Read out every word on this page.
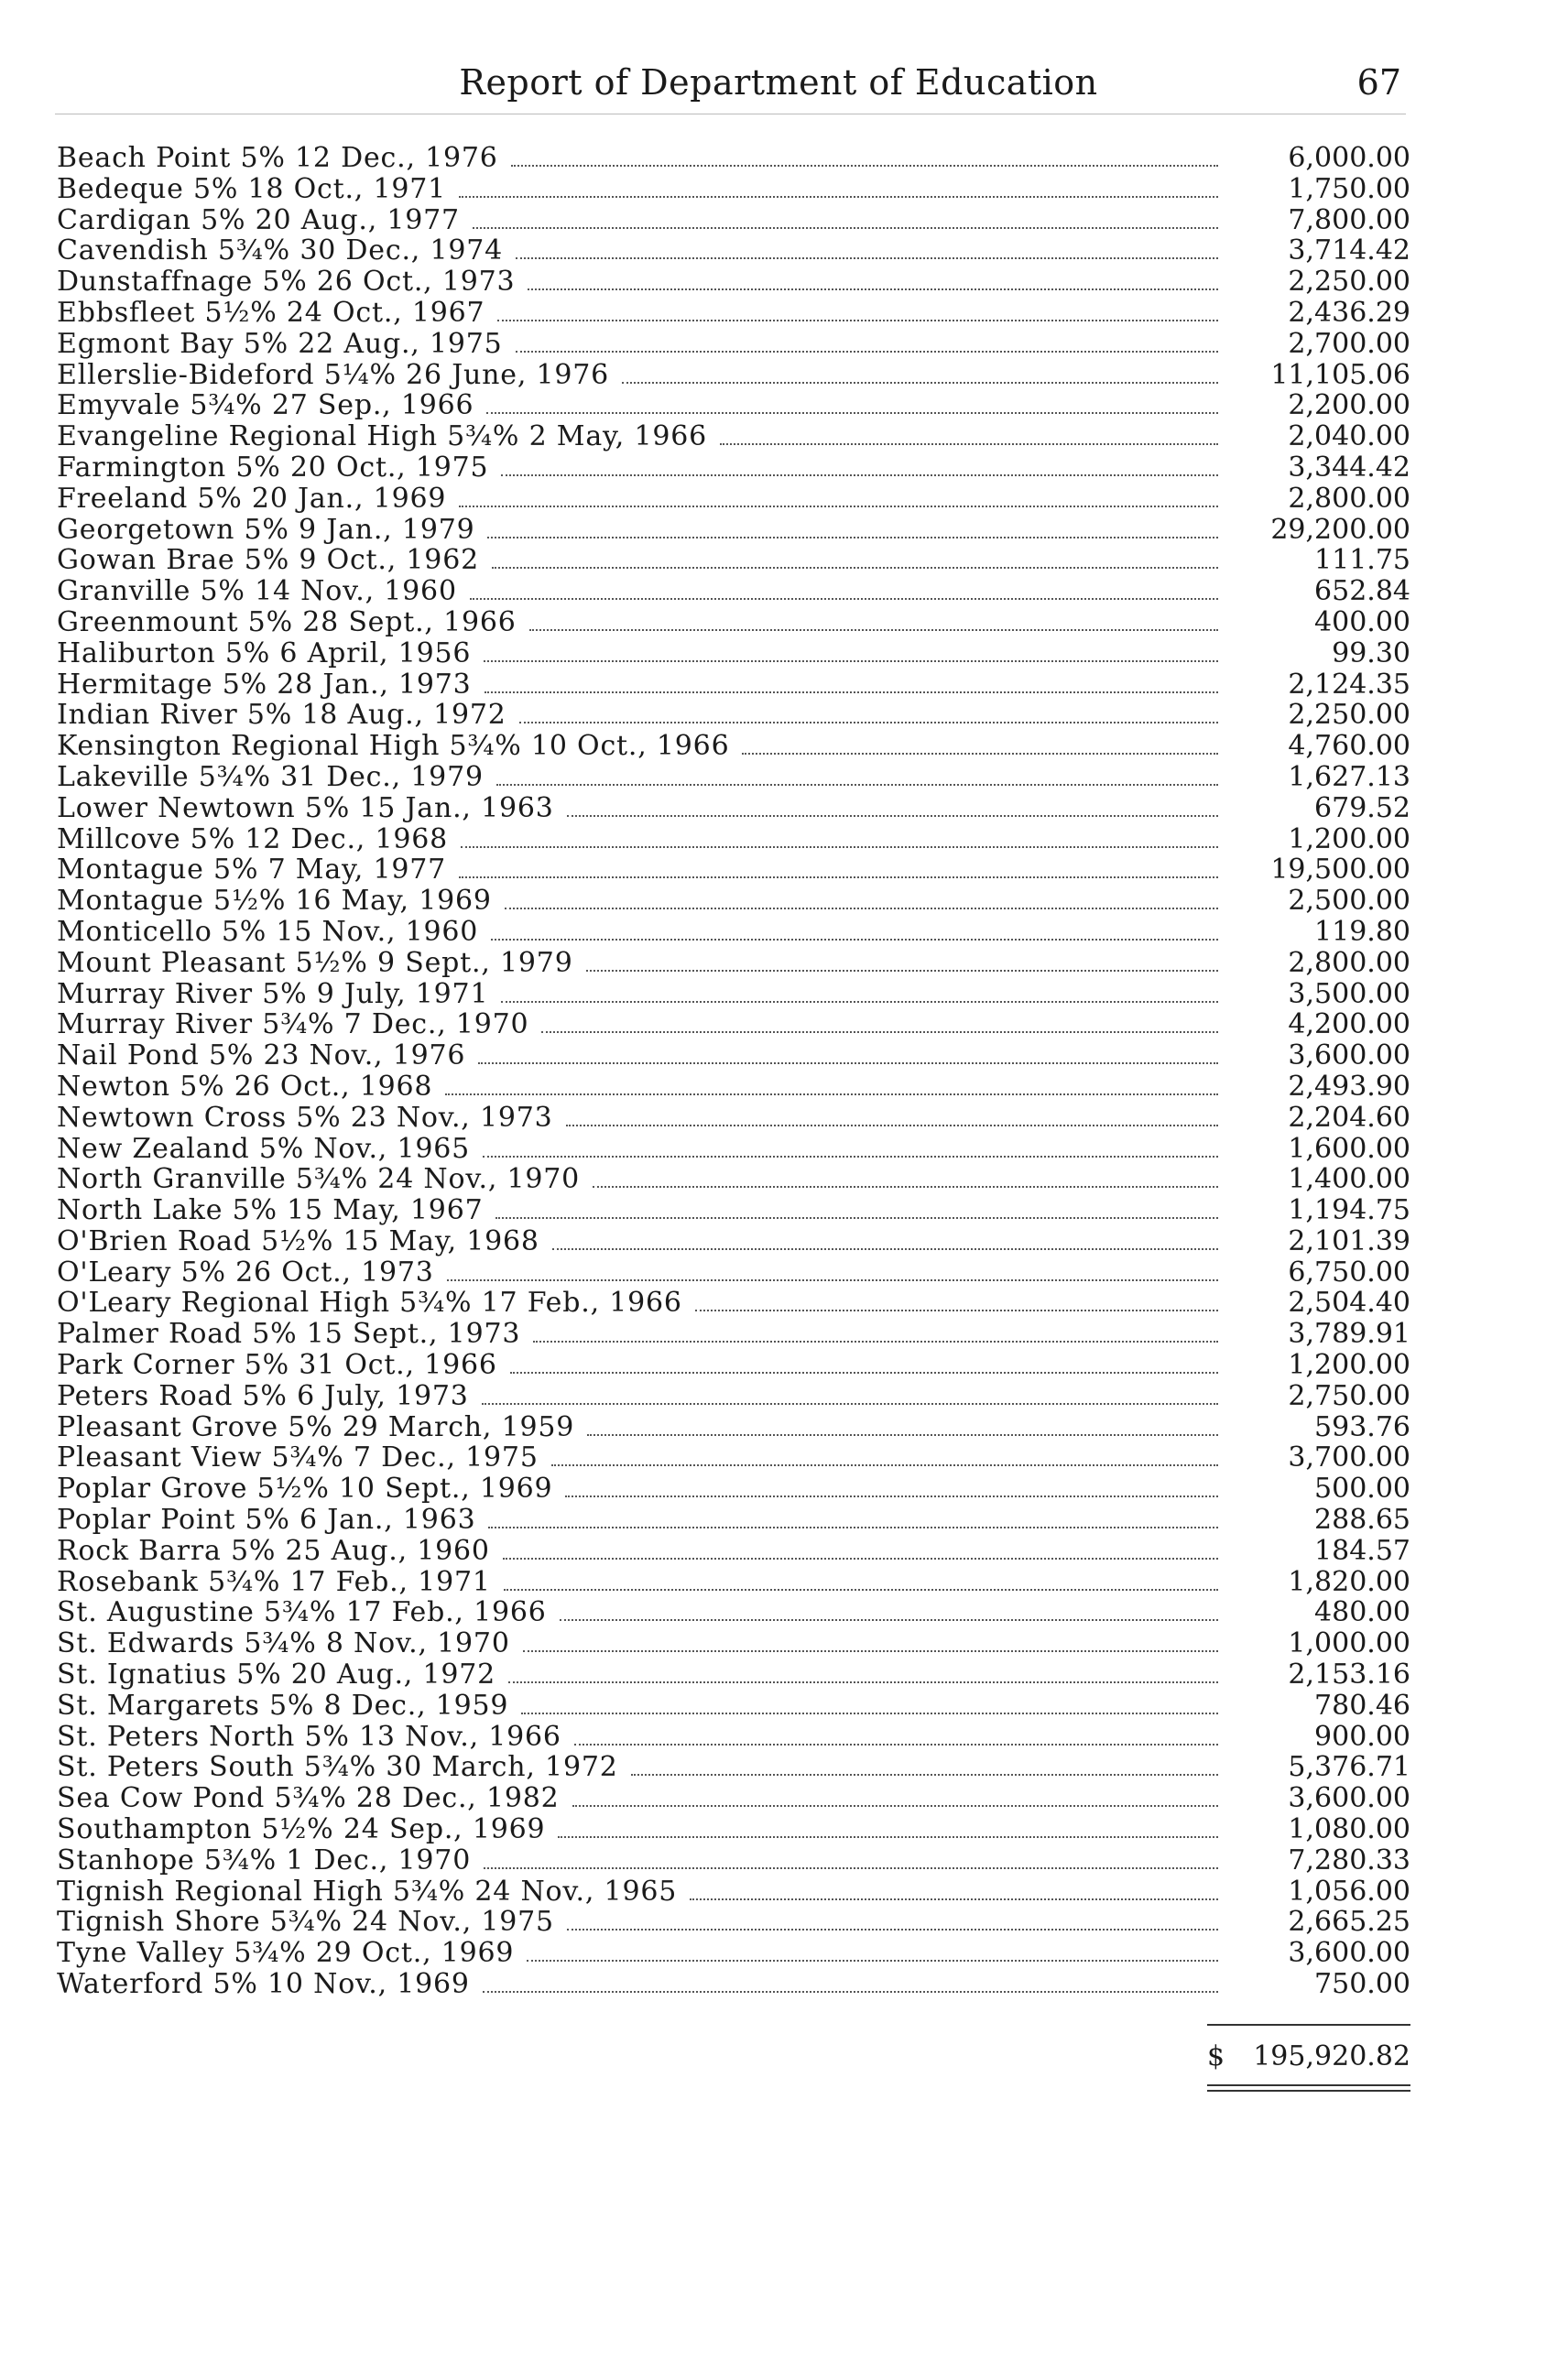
Report of Department of Education	67
Beach Point 5% 12 Dec., 1976	6,000.00
Bedeque 5% 18 Oct., 1971	1,750.00
Cardigan 5% 20 Aug., 1977	7,800.00
Cavendish 5¾% 30 Dec., 1974	3,714.42
Dunstaffnage 5% 26 Oct., 1973	2,250.00
Ebbsfleet 5½% 24 Oct., 1967	2,436.29
Egmont Bay 5% 22 Aug., 1975	2,700.00
Ellerslie-Bideford 5¼% 26 June, 1976	11,105.06
Emyvale 5¾% 27 Sep., 1966	2,200.00
Evangeline Regional High 5¾% 2 May, 1966	2,040.00
Farmington 5% 20 Oct., 1975	3,344.42
Freeland 5% 20 Jan., 1969	2,800.00
Georgetown 5% 9 Jan., 1979	29,200.00
Gowan Brae 5% 9 Oct., 1962	111.75
Granville 5% 14 Nov., 1960	652.84
Greenmount 5% 28 Sept., 1966	400.00
Haliburton 5% 6 April, 1956	99.30
Hermitage 5% 28 Jan., 1973	2,124.35
Indian River 5% 18 Aug., 1972	2,250.00
Kensington Regional High 5¾% 10 Oct., 1966	4,760.00
Lakeville 5¾% 31 Dec., 1979	1,627.13
Lower Newtown 5% 15 Jan., 1963	679.52
Millcove 5% 12 Dec., 1968	1,200.00
Montague 5% 7 May, 1977	19,500.00
Montague 5½% 16 May, 1969	2,500.00
Monticello 5% 15 Nov., 1960	119.80
Mount Pleasant 5½% 9 Sept., 1979	2,800.00
Murray River 5% 9 July, 1971	3,500.00
Murray River 5¾% 7 Dec., 1970	4,200.00
Nail Pond 5% 23 Nov., 1976	3,600.00
Newton 5% 26 Oct., 1968	2,493.90
Newtown Cross 5% 23 Nov., 1973	2,204.60
New Zealand 5% Nov., 1965	1,600.00
North Granville 5¾% 24 Nov., 1970	1,400.00
North Lake 5% 15 May, 1967	1,194.75
O'Brien Road 5½% 15 May, 1968	2,101.39
O'Leary 5% 26 Oct., 1973	6,750.00
O'Leary Regional High 5¾% 17 Feb., 1966	2,504.40
Palmer Road 5% 15 Sept., 1973	3,789.91
Park Corner 5% 31 Oct., 1966	1,200.00
Peters Road 5% 6 July, 1973	2,750.00
Pleasant Grove 5% 29 March, 1959	593.76
Pleasant View 5¾% 7 Dec., 1975	3,700.00
Poplar Grove 5½% 10 Sept., 1969	500.00
Poplar Point 5% 6 Jan., 1963	288.65
Rock Barra 5% 25 Aug., 1960	184.57
Rosebank 5¾% 17 Feb., 1971	1,820.00
St. Augustine 5¾% 17 Feb., 1966	480.00
St. Edwards 5¾% 8 Nov., 1970	1,000.00
St. Ignatius 5% 20 Aug., 1972	2,153.16
St. Margarets 5% 8 Dec., 1959	780.46
St. Peters North 5% 13 Nov., 1966	900.00
St. Peters South 5¾% 30 March, 1972	5,376.71
Sea Cow Pond 5¾% 28 Dec., 1982	3,600.00
Southampton 5½% 24 Sep., 1969	1,080.00
Stanhope 5¾% 1 Dec., 1970	7,280.33
Tignish Regional High 5¾% 24 Nov., 1965	1,056.00
Tignish Shore 5¾% 24 Nov., 1975	2,665.25
Tyne Valley 5¾% 29 Oct., 1969	3,600.00
Waterford 5% 10 Nov., 1969	750.00
$ 195,920.82
